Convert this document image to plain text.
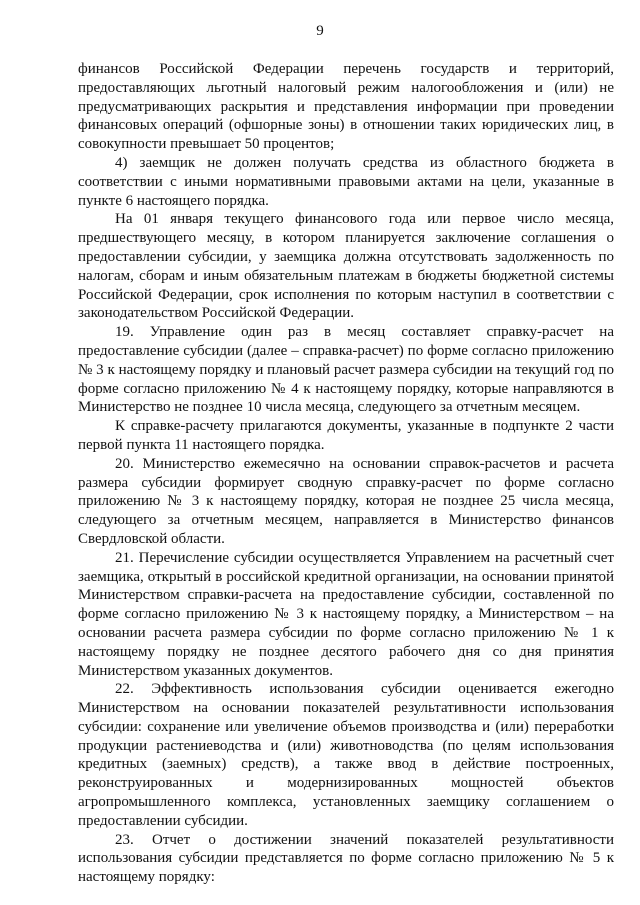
9

финансов Российской Федерации перечень государств и территорий, предоставляющих льготный налоговый режим налогообложения и (или) не предусматривающих раскрытия и представления информации при проведении финансовых операций (офшорные зоны) в отношении таких юридических лиц, в совокупности превышает 50 процентов;

4) заемщик не должен получать средства из областного бюджета в соответствии с иными нормативными правовыми актами на цели, указанные в пункте 6 настоящего порядка.

На 01 января текущего финансового года или первое число месяца, предшествующего месяцу, в котором планируется заключение соглашения о предоставлении субсидии, у заемщика должна отсутствовать задолженность по налогам, сборам и иным обязательным платежам в бюджеты бюджетной системы Российской Федерации, срок исполнения по которым наступил в соответствии с законодательством Российской Федерации.

19. Управление один раз в месяц составляет справку-расчет на предоставление субсидии (далее – справка-расчет) по форме согласно приложению № 3 к настоящему порядку и плановый расчет размера субсидии на текущий год по форме согласно приложению № 4 к настоящему порядку, которые направляются в Министерство не позднее 10 числа месяца, следующего за отчетным месяцем.

К справке-расчету прилагаются документы, указанные в подпункте 2 части первой пункта 11 настоящего порядка.

20. Министерство ежемесячно на основании справок-расчетов и расчета размера субсидии формирует сводную справку-расчет по форме согласно приложению № 3 к настоящему порядку, которая не позднее 25 числа месяца, следующего за отчетным месяцем, направляется в Министерство финансов Свердловской области.

21. Перечисление субсидии осуществляется Управлением на расчетный счет заемщика, открытый в российской кредитной организации, на основании принятой Министерством справки-расчета на предоставление субсидии, составленной по форме согласно приложению № 3 к настоящему порядку, а Министерством – на основании расчета размера субсидии по форме согласно приложению № 1 к настоящему порядку не позднее десятого рабочего дня со дня принятия Министерством указанных документов.

22. Эффективность использования субсидии оценивается ежегодно Министерством на основании показателей результативности использования субсидии: сохранение или увеличение объемов производства и (или) переработки продукции растениеводства и (или) животноводства (по целям использования кредитных (заемных) средств), а также ввод в действие построенных, реконструированных и модернизированных мощностей объектов агропромышленного комплекса, установленных заемщику соглашением о предоставлении субсидии.

23. Отчет о достижении значений показателей результативности использования субсидии представляется по форме согласно приложению № 5 к настоящему порядку:
